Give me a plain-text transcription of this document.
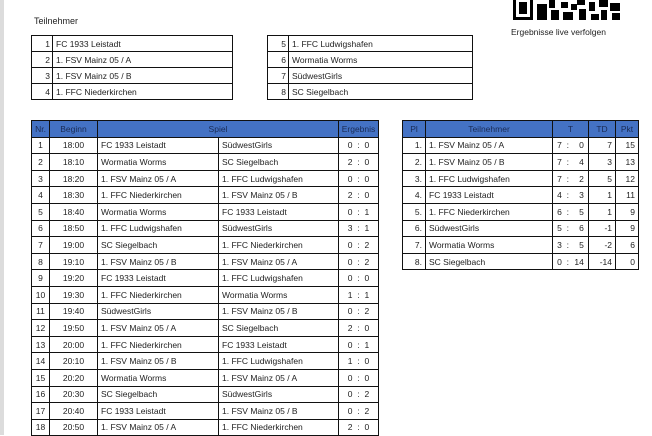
Teilnehmer
1	FC 1933 Leistadt
2	1. FSV Mainz 05 / A
3	1. FSV Mainz 05 / B
4	1. FFC Niederkirchen
5	1. FFC Ludwigshafen
6	Wormatia Worms
7	SüdwestGirls
8	SC Siegelbach
Ergebnisse live verfolgen
Nr.	Beginn	Spiel		Ergebnis
1	18:00	FC 1933 Leistadt	SüdwestGirls	0 : 0
2	18:10	Wormatia Worms	SC Siegelbach	2 : 0
3	18:20	1. FSV Mainz 05 / A	1. FFC Ludwigshafen	0 : 0
4	18:30	1. FFC Niederkirchen	1. FSV Mainz 05 / B	2 : 0
5	18:40	Wormatia Worms	FC 1933 Leistadt	0 : 1
6	18:50	1. FFC Ludwigshafen	SüdwestGirls	3 : 1
7	19:00	SC Siegelbach	1. FFC Niederkirchen	0 : 2
8	19:10	1. FSV Mainz 05 / B	1. FSV Mainz 05 / A	0 : 2
9	19:20	FC 1933 Leistadt	1. FFC Ludwigshafen	0 : 0
10	19:30	1. FFC Niederkirchen	Wormatia Worms	1 : 1
11	19:40	SüdwestGirls	1. FSV Mainz 05 / B	0 : 2
12	19:50	1. FSV Mainz 05 / A	SC Siegelbach	2 : 0
13	20:00	1. FFC Niederkirchen	FC 1933 Leistadt	0 : 1
14	20:10	1. FSV Mainz 05 / B	1. FFC Ludwigshafen	1 : 0
15	20:20	Wormatia Worms	1. FSV Mainz 05 / A	0 : 0
16	20:30	SC Siegelbach	SüdwestGirls	0 : 2
17	20:40	FC 1933 Leistadt	1. FSV Mainz 05 / B	0 : 2
18	20:50	1. FSV Mainz 05 / A	1. FFC Niederkirchen	2 : 0
Pl	Teilnehmer	T	TD	Pkt
1.	1. FSV Mainz 05 / A	7 : 0	7	15
2.	1. FSV Mainz 05 / B	7 : 4	3	13
3.	1. FFC Ludwigshafen	7 : 2	5	12
4.	FC 1933 Leistadt	4 : 3	1	11
5.	1. FFC Niederkirchen	6 : 5	1	9
6.	SüdwestGirls	5 : 6	-1	9
7.	Wormatia Worms	3 : 5	-2	6
8.	SC Siegelbach	0 : 14	-14	0
